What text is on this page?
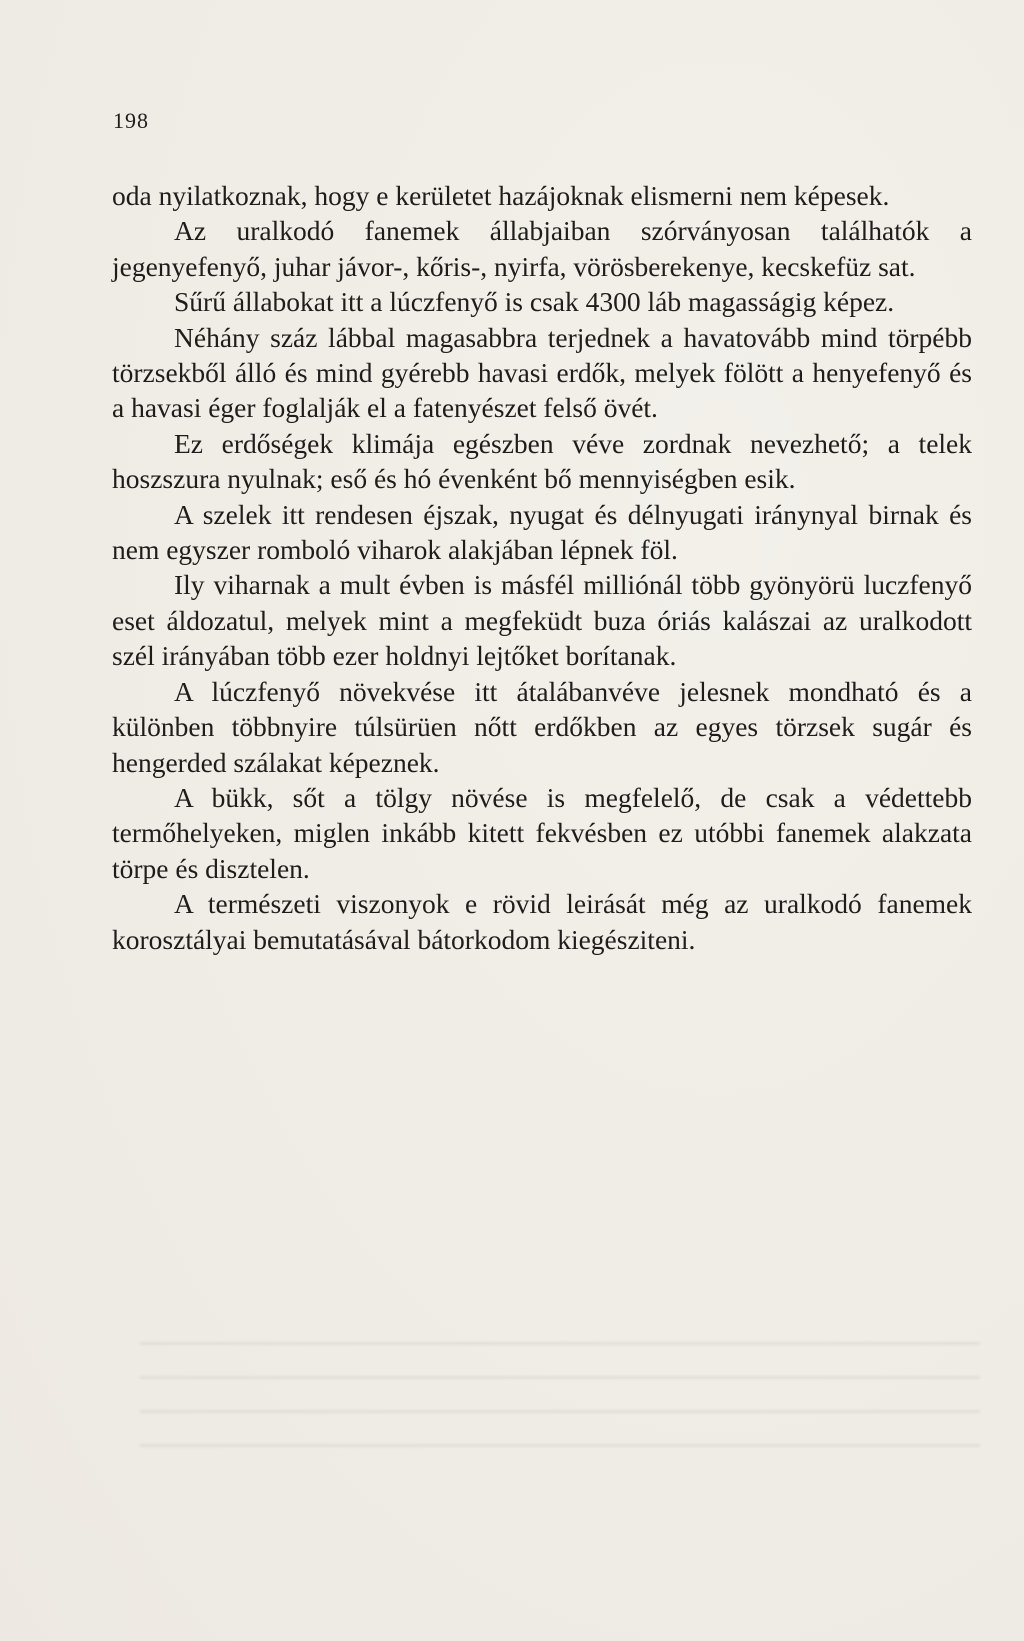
198

oda nyilatkoznak, hogy e kerületet hazájoknak elismerni nem képesek.

Az uralkodó fanemek állabjaiban szórványosan találhatók a jegenyefenyő, juhar jávor-, kőris-, nyirfa, vörösberekenye, kecskefüz sat.

Sűrű állabokat itt a lúczfenyő is csak 4300 láb magasságig képez.

Néhány száz lábbal magasabbra terjednek a havatovább mind törpébb törzsekből álló és mind gyérebb havasi erdők, melyek fölött a henyefenyő és a havasi éger foglalják el a fatenyészet felső övét.

Ez erdőségek klimája egészben véve zordnak nevezhető; a telek hoszszura nyulnak; eső és hó évenként bő mennyiségben esik.

A szelek itt rendesen éjszak, nyugat és délnyugati iránynyal birnak és nem egyszer romboló viharok alakjában lépnek föl.

Ily viharnak a mult évben is másfél milliónál több gyönyörü luczfenyő eset áldozatul, melyek mint a megfeküdt buza óriás kalászai az uralkodott szél irányában több ezer holdnyi lejtőket borítanak.

A lúczfenyő növekvése itt átalábanvéve jelesnek mondható és a különben többnyire túlsürüen nőtt erdőkben az egyes törzsek sugár és hengerded szálakat képeznek.

A bükk, sőt a tölgy növése is megfelelő, de csak a védettebb termőhelyeken, miglen inkább kitett fekvésben ez utóbbi fanemek alakzata törpe és disztelen.

A természeti viszonyok e rövid leirását még az uralkodó fanemek korosztályai bemutatásával bátorkodom kiegésziteni.
